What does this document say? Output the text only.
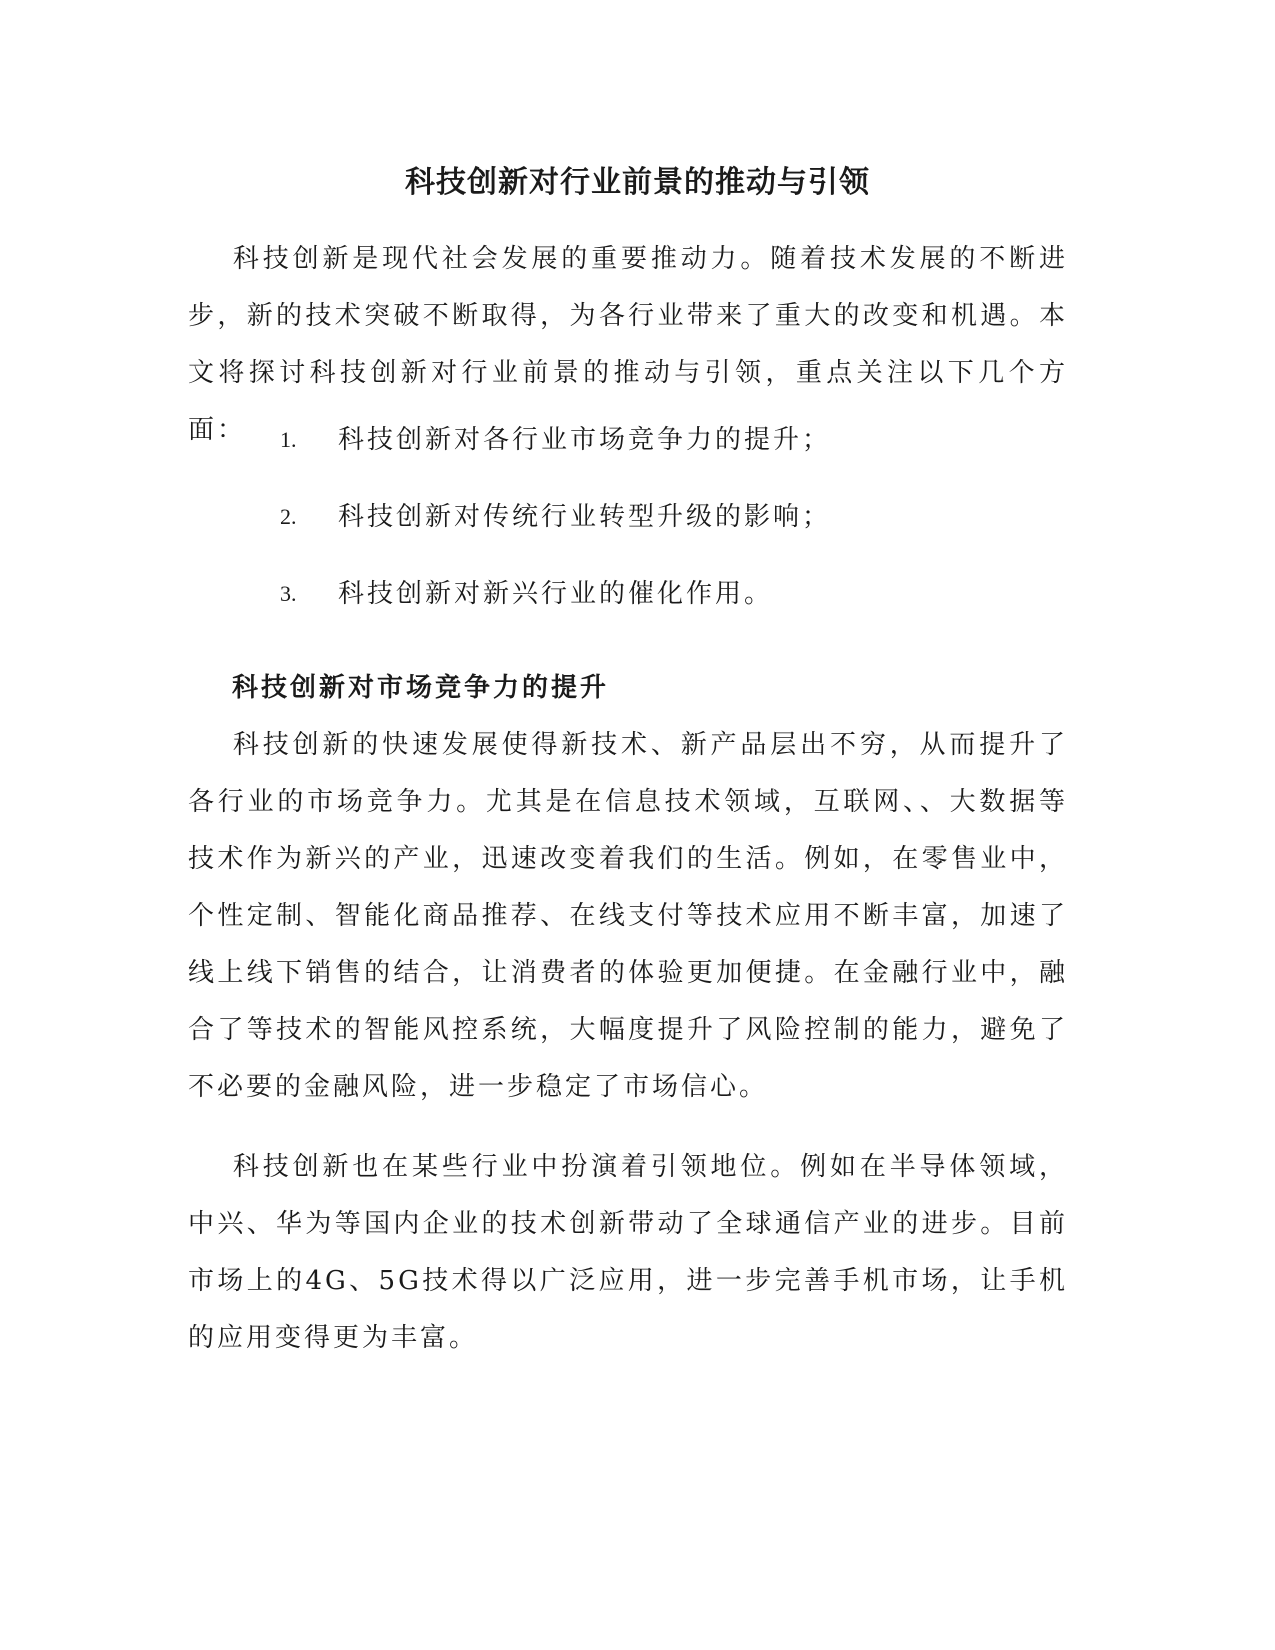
科技创新对行业前景的推动与引领

科技创新是现代社会发展的重要推动力。随着技术发展的不断进步，新的技术突破不断取得，为各行业带来了重大的改变和机遇。本文将探讨科技创新对行业前景的推动与引领，重点关注以下几个方面：	1. 科技创新对各行业市场竞争力的提升；
2. 科技创新对传统行业转型升级的影响；
3. 科技创新对新兴行业的催化作用。
科技创新对市场竞争力的提升

科技创新的快速发展使得新技术、新产品层出不穷，从而提升了各行业的市场竞争力。尤其是在信息技术领域，互联网、、大数据等技术作为新兴的产业，迅速改变着我们的生活。例如，在零售业中，个性定制、智能化商品推荐、在线支付等技术应用不断丰富，加速了线上线下销售的结合，让消费者的体验更加便捷。在金融行业中，融合了等技术的智能风控系统，大幅度提升了风险控制的能力，避免了不必要的金融风险，进一步稳定了市场信心。

科技创新也在某些行业中扮演着引领地位。例如在半导体领域，中兴、华为等国内企业的技术创新带动了全球通信产业的进步。目前市场上的4G、5G技术得以广泛应用，进一步完善手机市场，让手机的应用变得更为丰富。
